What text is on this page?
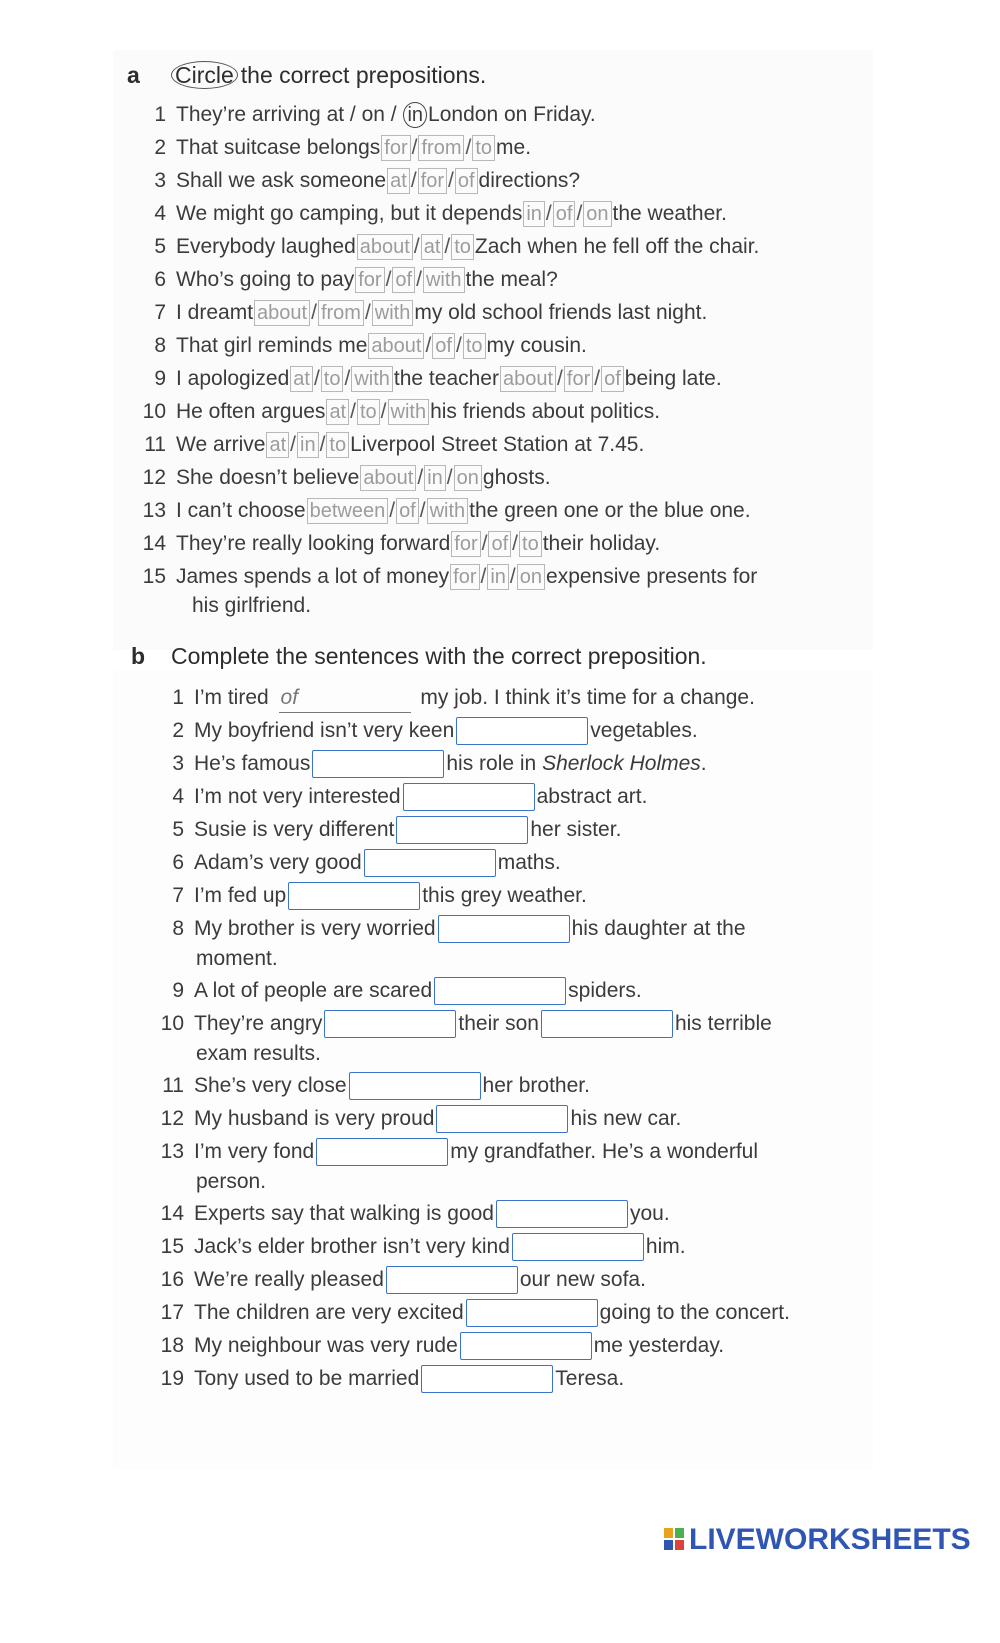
a Circle the correct prepositions.
1 They’re arriving at / on / in London on Friday.
2 That suitcase belongs for / from / to me.
3 Shall we ask someone at / for / of directions?
4 We might go camping, but it depends in / of / on the weather.
5 Everybody laughed about / at / to Zach when he fell off the chair.
6 Who’s going to pay for / of / with the meal?
7 I dreamt about / from / with my old school friends last night.
8 That girl reminds me about / of / to my cousin.
9 I apologized at / to / with the teacher about / for / of being late.
10 He often argues at / to / with his friends about politics.
11 We arrive at / in / to Liverpool Street Station at 7.45.
12 She doesn’t believe about / in / on ghosts.
13 I can’t choose between / of / with the green one or the blue one.
14 They’re really looking forward for / of / to their holiday.
15 James spends a lot of money for / in / on expensive presents for
his girlfriend.
b Complete the sentences with the correct preposition.
1 I’m tired of	my job. I think it’s time for a change.
2 My boyfriend isn’t very keen	vegetables.
3 He’s famous	his role in Sherlock Holmes.
4 I’m not very interested	abstract art.
5 Susie is very different	her sister.
6 Adam’s very good	maths.
7 I’m fed up	this grey weather.
8 My brother is very worried	his daughter at the
moment.
9 A lot of people are scared	spiders.
10 They’re angry	their son	his terrible
exam results.
11 She’s very close	her brother.
12 My husband is very proud	his new car.
13 I’m very fond	my grandfather. He’s a wonderful
person.
14 Experts say that walking is good	you.
15 Jack’s elder brother isn’t very kind	him.
16 We’re really pleased	our new sofa.
17 The children are very excited	going to the concert.
18 My neighbour was very rude	me yesterday.
19 Tony used to be married	Teresa.
LIVEWORKSHEETS
